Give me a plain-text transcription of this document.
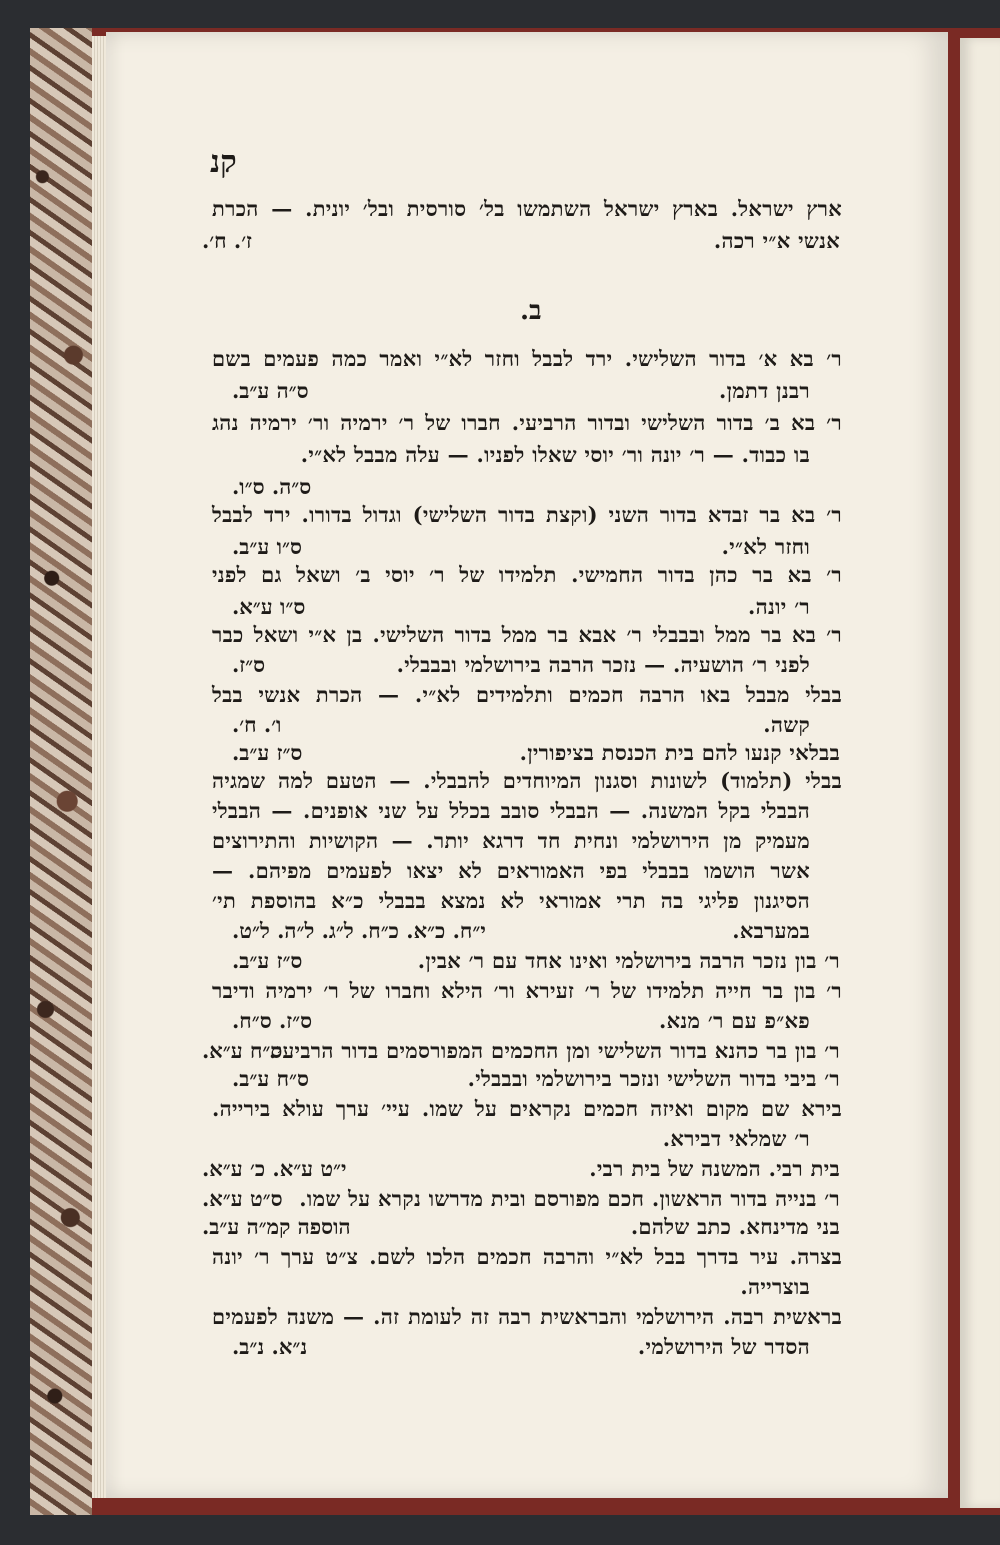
קנ
ארץ ישראל. בארץ ישראל השתמשו בל׳ סורסית ובל׳ יונית. — הכרת
אנשי א״י רכה.
ז׳. ח׳.
ב.
ר׳ בא א׳ בדור השלישי. ירד לבבל וחזר לא״י ואמר כמה פעמים בשם
רבנן דתמן.
ס״ה ע״ב.
ר׳ בא ב׳ בדור השלישי ובדור הרביעי. חברו של ר׳ ירמיה ור׳ ירמיה נהג
בו כבוד. — ר׳ יונה ור׳ יוסי שאלו לפניו. — עלה מבבל לא״י.
ס״ה. ס״ו.
ר׳ בא בר זבדא בדור השני (וקצת בדור השלישי) וגדול בדורו. ירד לבבל
וחזר לא״י.
ס״ו ע״ב.
ר׳ בא בר כהן בדור החמישי. תלמידו של ר׳ יוסי ב׳ ושאל גם לפני
ר׳ יונה.
ס״ו ע״א.
ר׳ בא בר ממל ובבבלי ר׳ אבא בר ממל בדור השלישי. בן א״י ושאל כבר
לפני ר׳ הושעיה. — נזכר הרבה בירושלמי ובבבלי.
ס״ז.
בבלי מבבל באו הרבה חכמים ותלמידים לא״י. — הכרת אנשי בבל
קשה.
ו׳. ח׳.
בבלאי קנעו להם בית הכנסת בציפורין.
ס״ז ע״ב.
בבלי (תלמוד) לשונות וסגנון המיוחדים להבבלי. — הטעם למה שמגיה
הבבלי בקל המשנה. — הבבלי סובב בכלל על שני אופנים. — הבבלי
מעמיק מן הירושלמי ונחית חד דרגא יותר. — הקושיות והתירוצים
אשר הושמו בבבלי בפי האמוראים לא יצאו לפעמים מפיהם. —
הסיגנון פליגי בה תרי אמוראי לא נמצא בבבלי כ״א בהוספת תי׳
במערבא.
י״ח. כ״א. כ״ח. ל״ג. ל״ה. ל״ט.
ר׳ בון נזכר הרבה בירושלמי ואינו אחד עם ר׳ אבין.
ס״ז ע״ב.
ר׳ בון בר חייה תלמידו של ר׳ זעירא ור׳ הילא וחברו של ר׳ ירמיה ודיבר
פא״פ עם ר׳ מנא.
ס״ז. ס״ח.
ר׳ בון בר כהנא בדור השלישי ומן החכמים המפורסמים בדור הרביעי.
ס״ח ע״א.
ר׳ ביבי בדור השלישי ונזכר בירושלמי ובבבלי.
ס״ח ע״ב.
בירא שם מקום ואיזה חכמים נקראים על שמו. עיי׳ ערך עולא בירייה.
ר׳ שמלאי דבירא.
בית רבי. המשנה של בית רבי.
י״ט ע״א. כ׳ ע״א.
ר׳ בנייה בדור הראשון. חכם מפורסם ובית מדרשו נקרא על שמו.
ס״ט ע״א.
בני מדינחא. כתב שלהם.
הוספה קמ״ה ע״ב.
בצרה. עיר בדרך בבל לא״י והרבה חכמים הלכו לשם. צ״ט ערך ר׳ יונה
בוצרייה.
בראשית רבה. הירושלמי והבראשית רבה זה לעומת זה. — משנה לפעמים
הסדר של הירושלמי.
נ״א. נ״ב.
